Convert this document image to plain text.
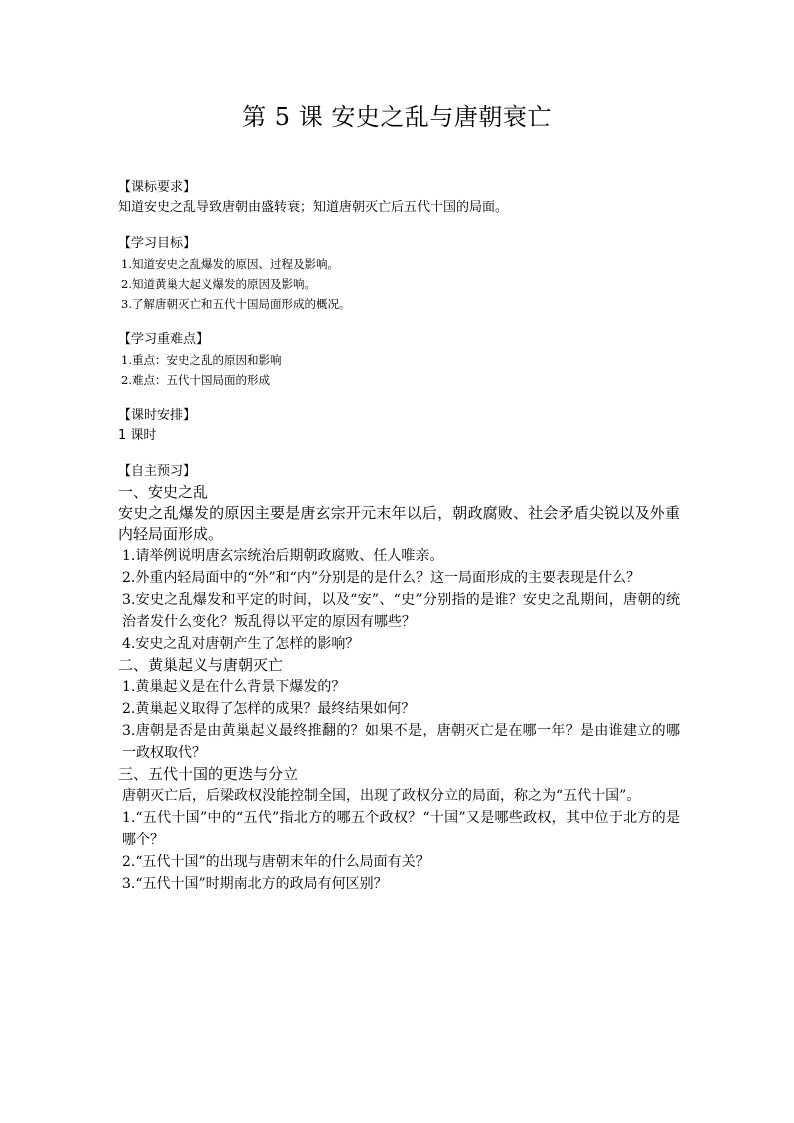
第 5 课 安史之乱与唐朝衰亡

【课标要求】

知道安史之乱导致唐朝由盛转衰；知道唐朝灭亡后五代十国的局面。

【学习目标】

1.知道安史之乱爆发的原因、过程及影响。

2.知道黄巢大起义爆发的原因及影响。

3.了解唐朝灭亡和五代十国局面形成的概况。

【学习重难点】

1.重点：安史之乱的原因和影响

2.难点：五代十国局面的形成

【课时安排】

1 课时

【自主预习】

一、安史之乱

安史之乱爆发的原因主要是唐玄宗开元末年以后，朝政腐败、社会矛盾尖锐以及外重内轻局面形成。

1.请举例说明唐玄宗统治后期朝政腐败、任人唯亲。

2.外重内轻局面中的“外”和“内”分别是的是什么？这一局面形成的主要表现是什么？

3.安史之乱爆发和平定的时间，以及“安”、“史”分别指的是谁？安史之乱期间，唐朝的统治者发什么变化？叛乱得以平定的原因有哪些？

4.安史之乱对唐朝产生了怎样的影响？

二、黄巢起义与唐朝灭亡

1.黄巢起义是在什么背景下爆发的？

2.黄巢起义取得了怎样的成果？最终结果如何？

3.唐朝是否是由黄巢起义最终推翻的？如果不是，唐朝灭亡是在哪一年？是由谁建立的哪一政权取代？

三、五代十国的更迭与分立

唐朝灭亡后，后梁政权没能控制全国，出现了政权分立的局面，称之为“五代十国”。

1.“五代十国”中的“五代”指北方的哪五个政权？“十国”又是哪些政权，其中位于北方的是哪个？

2.“五代十国”的出现与唐朝末年的什么局面有关？

3.“五代十国”时期南北方的政局有何区别？
